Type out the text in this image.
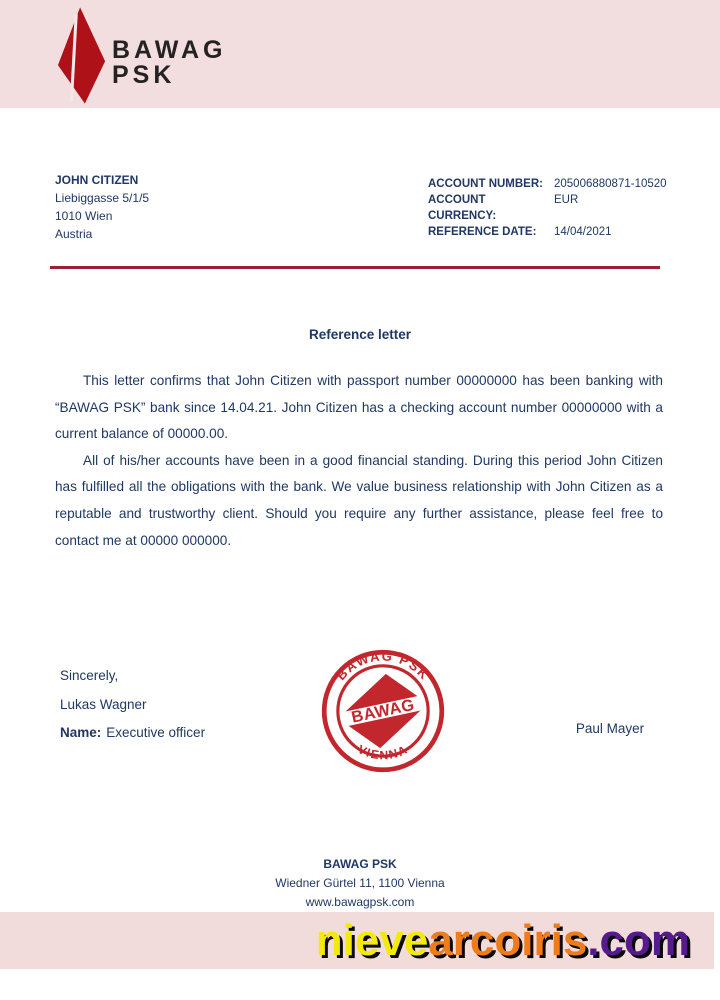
BAWAG
PSK
JOHN CITIZEN
Liebiggasse 5/1/5
1010 Wien
Austria
ACCOUNT NUMBER: 205006880871-10520
ACCOUNT CURRENCY:
EUR
REFERENCE DATE:	14/04/2021
Reference letter

This letter confirms that John Citizen with passport number 00000000 has been banking with “BAWAG PSK” bank since 14.04.21. John Citizen has a checking account number 00000000 with a current balance of 00000.00.

All of his/her accounts have been in a good financial standing. During this period John Citizen has fulfilled all the obligations with the bank. We value business relationship with John Citizen as a reputable and trustworthy client. Should you require any further assistance, please feel free to contact me at 00000 000000.

Sincerely,
Lukas Wagner
Name: Executive officer
BAWAG PSK
VIENNA
BAWAG
Paul Mayer
BAWAG PSK
Wiedner Gürtel 11, 1100 Vienna
www.bawagpsk.com
nievearcoiris.com
